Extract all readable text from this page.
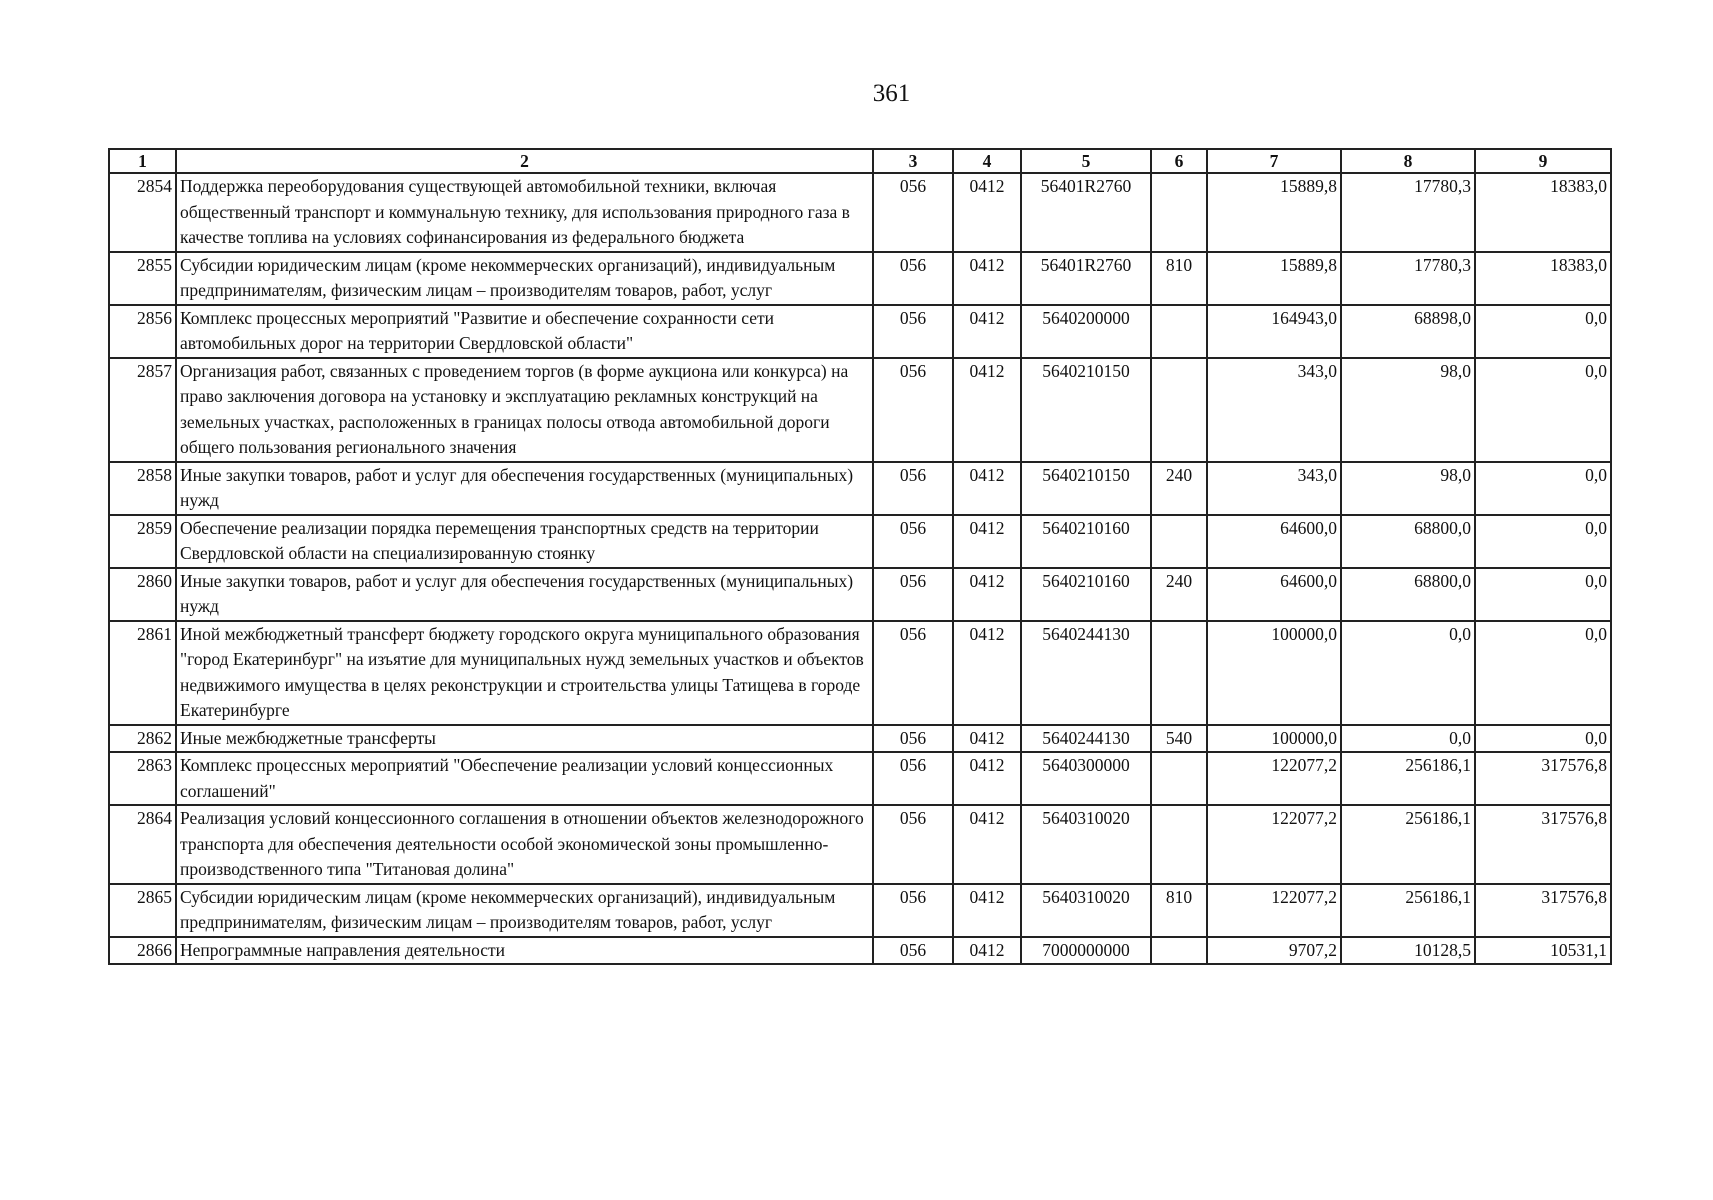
361
1	2	3	4	5	6	7	8	9
2854	Поддержка переоборудования существующей автомобильной техники, включая общественный транспорт и коммунальную технику, для использования природного газа в качестве топлива на условиях софинансирования из федерального бюджета	056	0412	56401R2760		15889,8	17780,3	18383,0
2855	Субсидии юридическим лицам (кроме некоммерческих организаций), индивидуальным предпринимателям, физическим лицам – производителям товаров, работ, услуг	056	0412	56401R2760	810	15889,8	17780,3	18383,0
2856	Комплекс процессных мероприятий "Развитие и обеспечение сохранности сети автомобильных дорог на территории Свердловской области"	056	0412	5640200000		164943,0	68898,0	0,0
2857	Организация работ, связанных с проведением торгов (в форме аукциона или конкурса) на право заключения договора на установку и эксплуатацию рекламных конструкций на земельных участках, расположенных в границах полосы отвода автомобильной дороги общего пользования регионального значения	056	0412	5640210150		343,0	98,0	0,0
2858	Иные закупки товаров, работ и услуг для обеспечения государственных (муниципальных) нужд	056	0412	5640210150	240	343,0	98,0	0,0
2859	Обеспечение реализации порядка перемещения транспортных средств на территории Свердловской области на специализированную стоянку	056	0412	5640210160		64600,0	68800,0	0,0
2860	Иные закупки товаров, работ и услуг для обеспечения государственных (муниципальных) нужд	056	0412	5640210160	240	64600,0	68800,0	0,0
2861	Иной межбюджетный трансферт бюджету городского округа муниципального образования "город Екатеринбург" на изъятие для муниципальных нужд земельных участков и объектов недвижимого имущества в целях реконструкции и строительства улицы Татищева в городе Екатеринбурге	056	0412	5640244130		100000,0	0,0	0,0
2862	Иные межбюджетные трансферты	056	0412	5640244130	540	100000,0	0,0	0,0
2863	Комплекс процессных мероприятий "Обеспечение реализации условий концессионных соглашений"	056	0412	5640300000		122077,2	256186,1	317576,8
2864	Реализация условий концессионного соглашения в отношении объектов железнодорожного транспорта для обеспечения деятельности особой экономической зоны промышленно-производственного типа "Титановая долина"	056	0412	5640310020		122077,2	256186,1	317576,8
2865	Субсидии юридическим лицам (кроме некоммерческих организаций), индивидуальным предпринимателям, физическим лицам – производителям товаров, работ, услуг	056	0412	5640310020	810	122077,2	256186,1	317576,8
2866	Непрограммные направления деятельности	056	0412	7000000000		9707,2	10128,5	10531,1
